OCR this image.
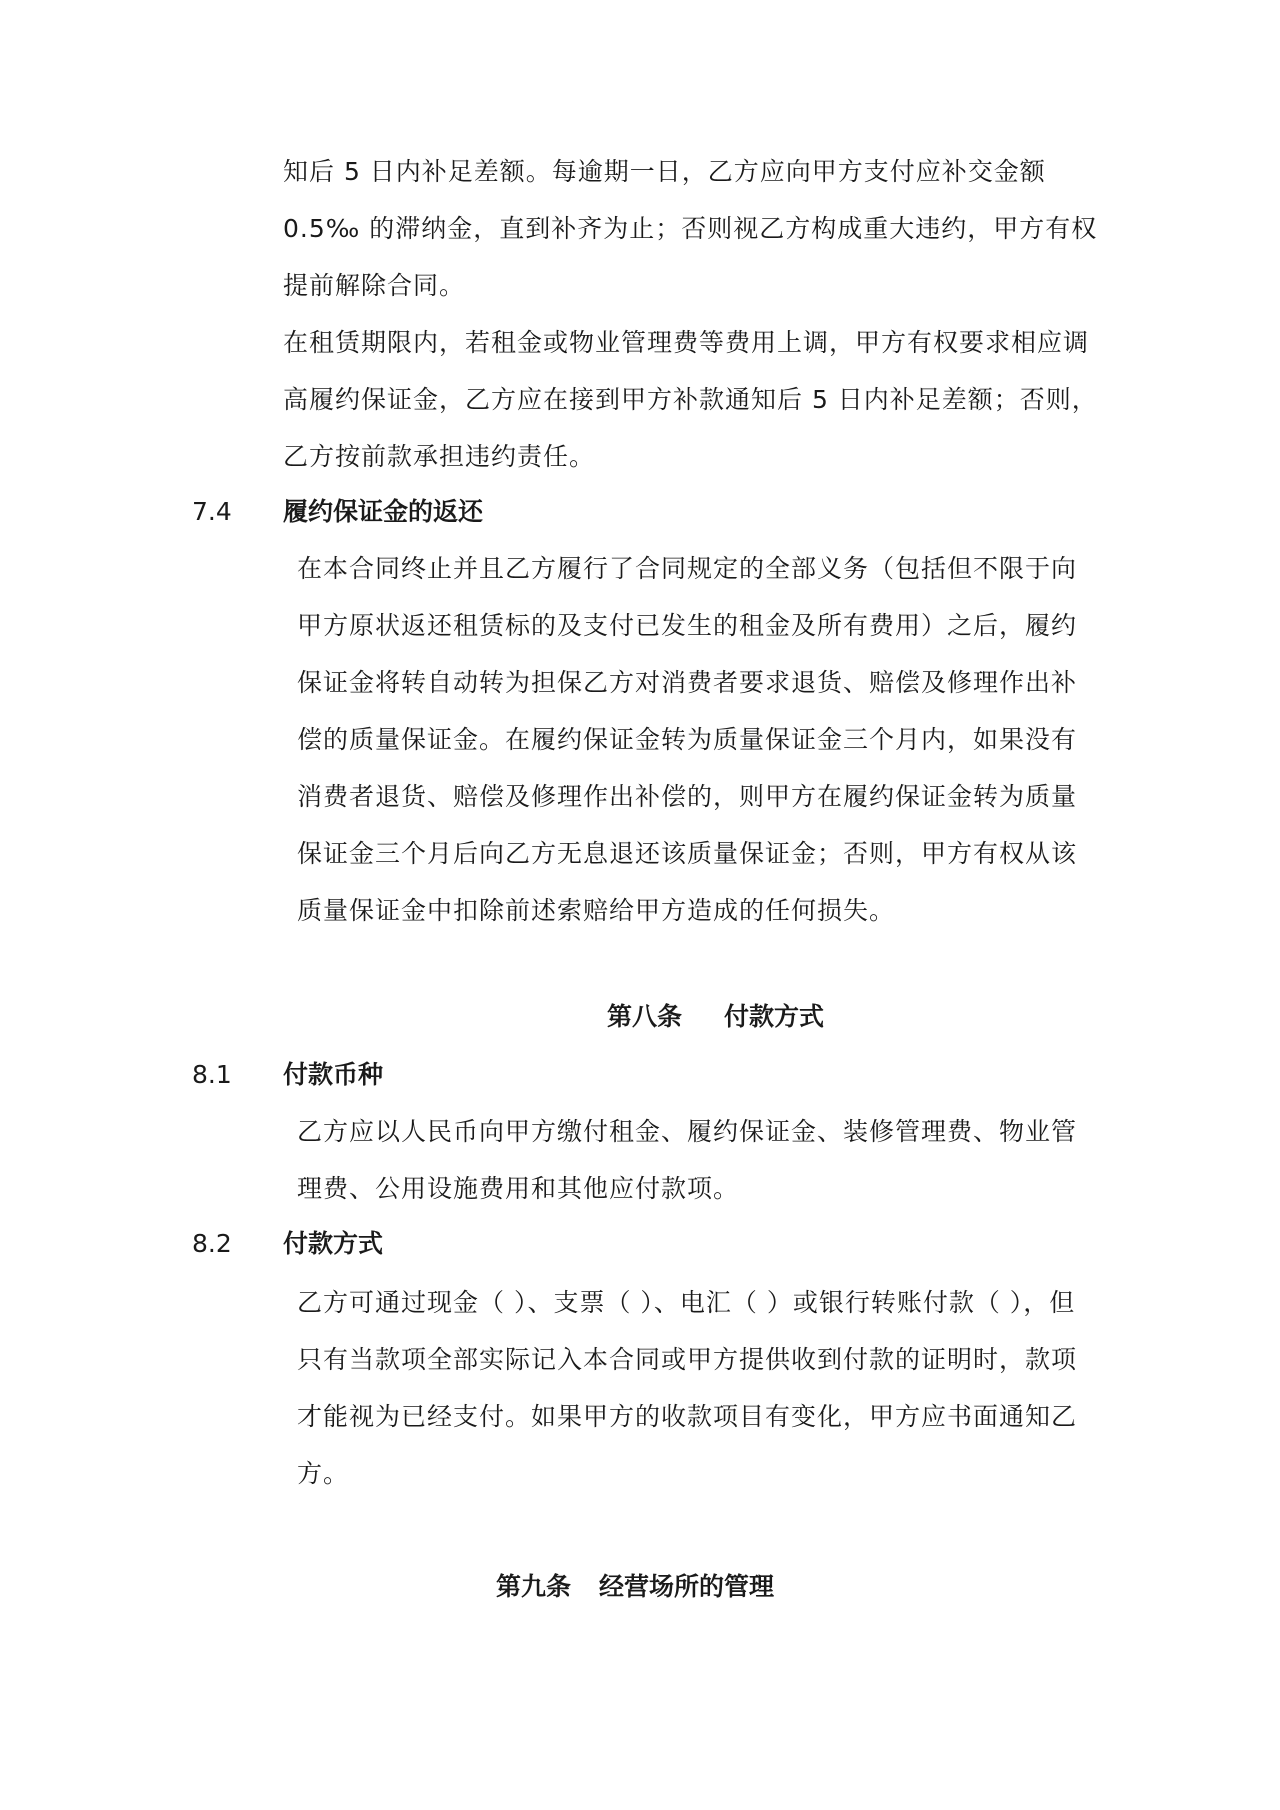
知后 5 日内补足差额。每逾期一日，乙方应向甲方支付应补交金额
0.5‰ 的滞纳金，直到补齐为止；否则视乙方构成重大违约，甲方有权
提前解除合同。
在租赁期限内，若租金或物业管理费等费用上调，甲方有权要求相应调
高履约保证金，乙方应在接到甲方补款通知后 5 日内补足差额；否则，
乙方按前款承担违约责任。
7.4 履约保证金的返还
在本合同终止并且乙方履行了合同规定的全部义务（包括但不限于向
甲方原状返还租赁标的及支付已发生的租金及所有费用）之后，履约
保证金将转自动转为担保乙方对消费者要求退货、赔偿及修理作出补
偿的质量保证金。在履约保证金转为质量保证金三个月内，如果没有
消费者退货、赔偿及修理作出补偿的，则甲方在履约保证金转为质量
保证金三个月后向乙方无息退还该质量保证金；否则，甲方有权从该
质量保证金中扣除前述索赔给甲方造成的任何损失。
第八条 付款方式
8.1 付款币种
乙方应以人民币向甲方缴付租金、履约保证金、装修管理费、物业管
理费、公用设施费用和其他应付款项。
8.2 付款方式
乙方可通过现金（ ）、支票（ ）、电汇（ ）或银行转账付款（ ），但
只有当款项全部实际记入本合同或甲方提供收到付款的证明时，款项
才能视为已经支付。如果甲方的收款项目有变化，甲方应书面通知乙
方。
第九条 经营场所的管理
